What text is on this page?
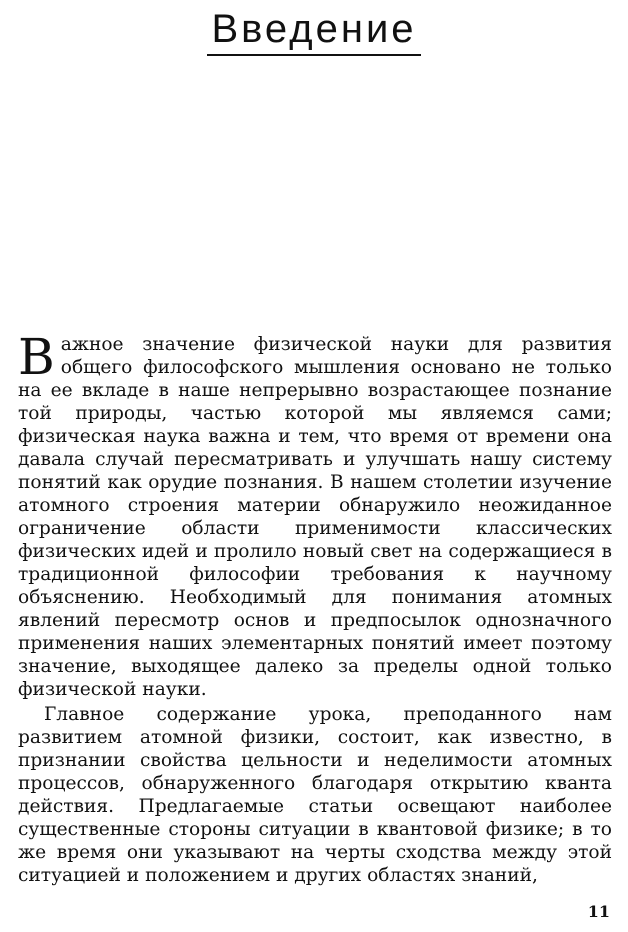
Введение

В ажное значение физической науки для развития общего философского мышления основано не только на ее вкладе в наше непрерывно возрастающее познание той природы, частью которой мы являемся сами; физическая наука важна и тем, что время от времени она давала случай пересматривать и улучшать нашу систему понятий как орудие познания. В нашем столетии изучение атомного строения материи обнаружило неожиданное ограничение области применимости классических физических идей и пролило новый свет на содержащиеся в традиционной философии требования к научному объяснению. Необходимый для понимания атомных явлений пересмотр основ и предпосылок однозначного применения наших элементарных понятий имеет поэтому значение, выходящее далеко за пределы одной только физической науки.

Главное содержание урока, преподанного нам развитием атомной физики, состоит, как известно, в признании свойства цельности и неделимости атомных процессов, обнаруженного благодаря открытию кванта действия. Предлагаемые статьи освещают наиболее существенные стороны ситуации в квантовой физике; в то же время они указывают на черты сходства между этой ситуацией и положением и других областях знаний,

11
